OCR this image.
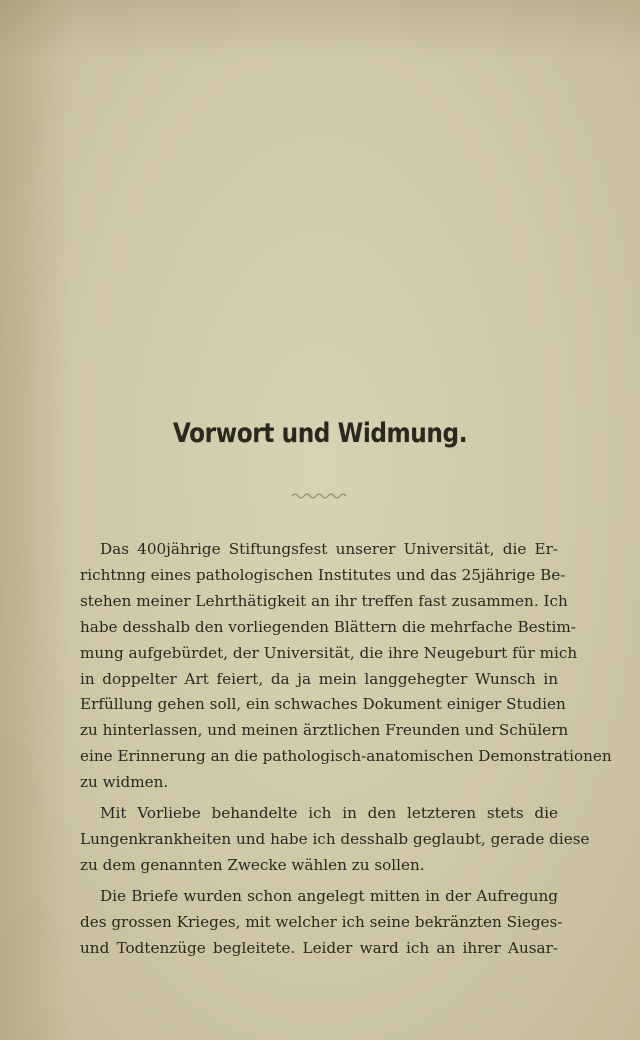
Vorwort und Widmung.
Das 400jährige Stiftungsfest unserer Universität, die Er-
richtnng eines pathologischen Institutes und das 25jährige Be-
stehen meiner Lehrthätigkeit an ihr treffen fast zusammen. Ich
habe desshalb den vorliegenden Blättern die mehrfache Bestim-
mung aufgebürdet, der Universität, die ihre Neugeburt für mich
in doppelter Art feiert, da ja mein langgehegter Wunsch in
Erfüllung gehen soll, ein schwaches Dokument einiger Studien
zu hinterlassen, und meinen ärztlichen Freunden und Schülern
eine Erinnerung an die pathologisch-anatomischen Demonstrationen
zu widmen.
Mit Vorliebe behandelte ich in den letzteren stets die
Lungenkrankheiten und habe ich desshalb geglaubt, gerade diese
zu dem genannten Zwecke wählen zu sollen.
Die Briefe wurden schon angelegt mitten in der Aufregung
des grossen Krieges, mit welcher ich seine bekränzten Sieges-
und Todtenzüge begleitete. Leider ward ich an ihrer Ausar-
